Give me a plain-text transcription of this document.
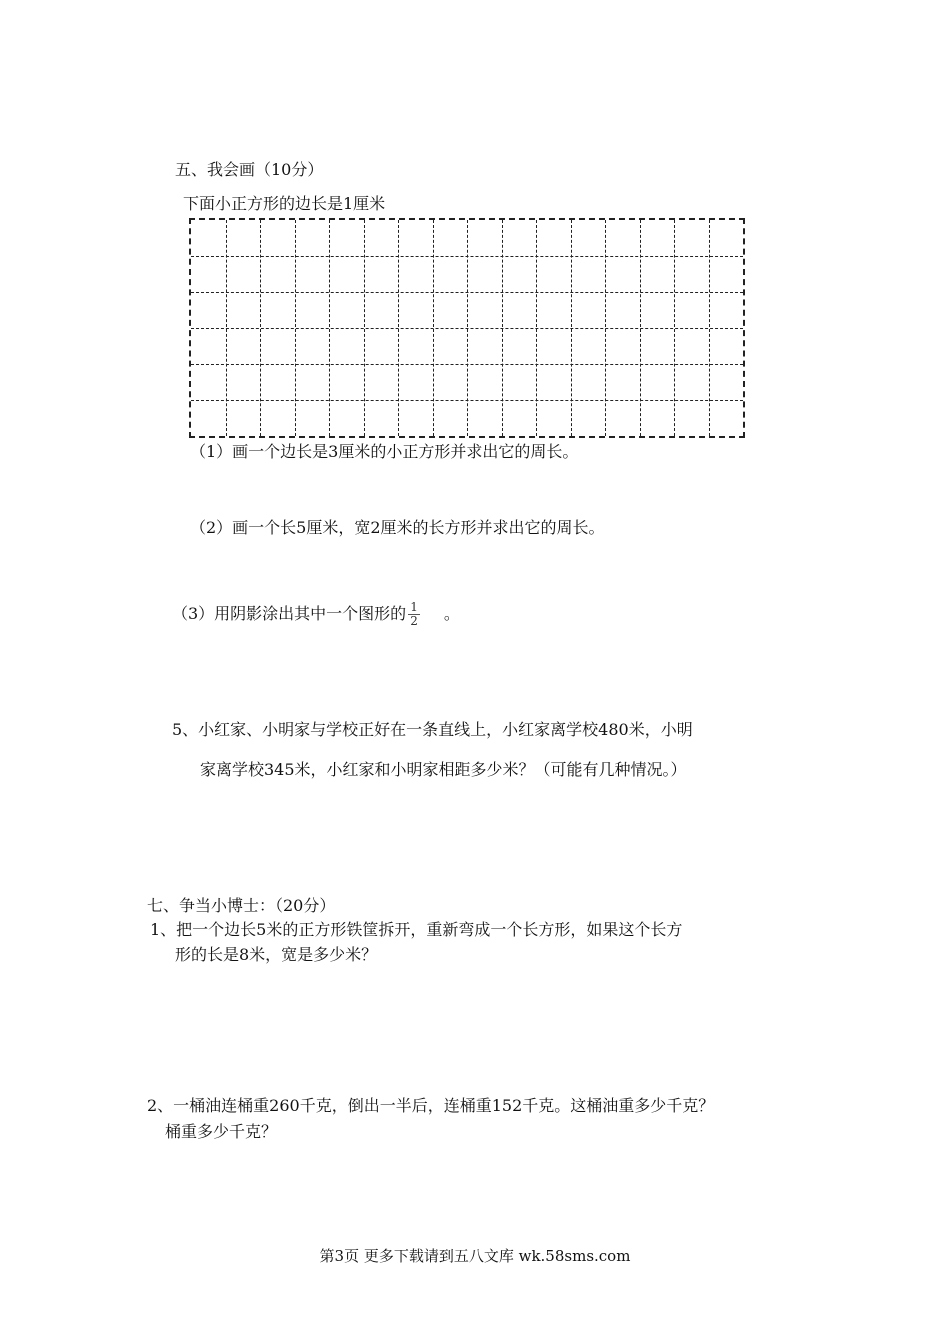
五、我会画（10分）
下面小正方形的边长是1厘米
（1）画一个边长是3厘米的小正方形并求出它的周长。
（2）画一个长5厘米，宽2厘米的长方形并求出它的周长。
（3）用阴影涂出其中一个图形的 $\frac{1}{2}$ 。
5、小红家、小明家与学校正好在一条直线上，小红家离学校480米，小明
家离学校345米，小红家和小明家相距多少米？（可能有几种情况。）
七、争当小博士：（20分）
1、把一个边长5米的正方形铁筐拆开，重新弯成一个长方形，如果这个长方
形的长是8米，宽是多少米？
2、一桶油连桶重260千克，倒出一半后，连桶重152千克。这桶油重多少千克？
桶重多少千克？
第3页 更多下载请到五八文库 wk.58sms.com
